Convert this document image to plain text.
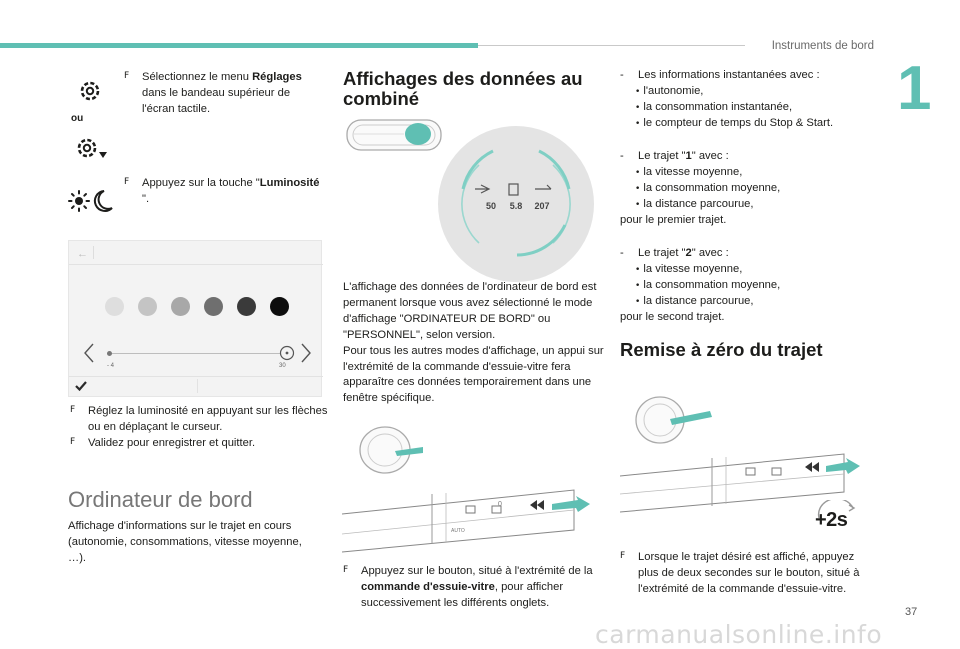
Instruments de bord
1
ou
F	Sélectionnez le menu Réglages dans le bandeau supérieur de l'écran tactile.
F	Appuyez sur la touche "Luminosité ".
←
- 4	30
F	Réglez la luminosité en appuyant sur les flèches ou en déplaçant le curseur.
F	Validez pour enregistrer et quitter.
Ordinateur de bord
Affichage d'informations sur le trajet en cours (autonomie, consommations, vitesse moyenne, …).
Affichages des données au combiné
50	5.8	207

L'affichage des données de l'ordinateur de bord est permanent lorsque vous avez sélectionné le mode d'affichage "ORDINATEUR DE BORD" ou "PERSONNEL", selon version.

Pour tous les autres modes d'affichage, un appui sur l'extrémité de la commande d'essuie-vitre fera apparaître ces données temporairement dans une fenêtre spécifique.

0
AUTO
F	Appuyez sur le bouton, situé à l'extrémité de la commande d'essuie-vitre, pour afficher successivement les différents onglets.
-	Les informations instantanées avec :
• l'autonomie,
• la consommation instantanée,
• le compteur de temps du Stop & Start.
-	Le trajet "1" avec :
• la vitesse moyenne,
• la consommation moyenne,
• la distance parcourue,
pour le premier trajet.
-	Le trajet "2" avec :
• la vitesse moyenne,
• la consommation moyenne,
• la distance parcourue,
pour le second trajet.
Remise à zéro du trajet
+2s
F	Lorsque le trajet désiré est affiché, appuyez plus de deux secondes sur le bouton, situé à l'extrémité de la commande d'essuie-vitre.
37
carmanualsonline.info
